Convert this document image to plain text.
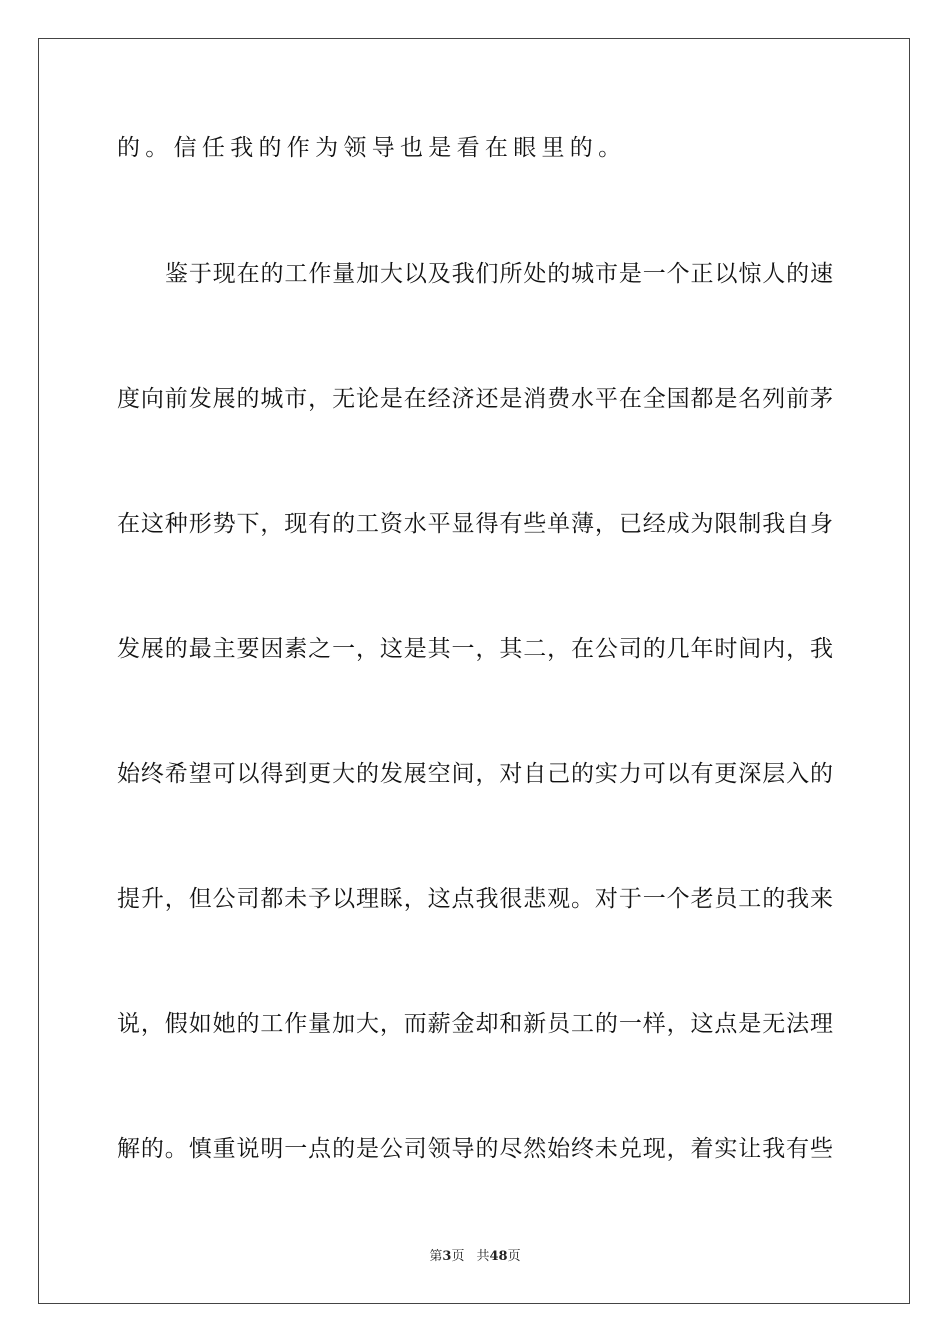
的。信任我的作为领导也是看在眼里的。
鉴于现在的工作量加大以及我们所处的城市是一个正以惊人的速
度向前发展的城市，无论是在经济还是消费水平在全国都是名列前茅
在这种形势下，现有的工资水平显得有些单薄，已经成为限制我自身
发展的最主要因素之一，这是其一，其二，在公司的几年时间内，我
始终希望可以得到更大的发展空间，对自己的实力可以有更深层入的
提升，但公司都未予以理睬，这点我很悲观。对于一个老员工的我来
说，假如她的工作量加大，而薪金却和新员工的一样，这点是无法理
解的。慎重说明一点的是公司领导的尽然始终未兑现，着实让我有些
第3页 共48页
